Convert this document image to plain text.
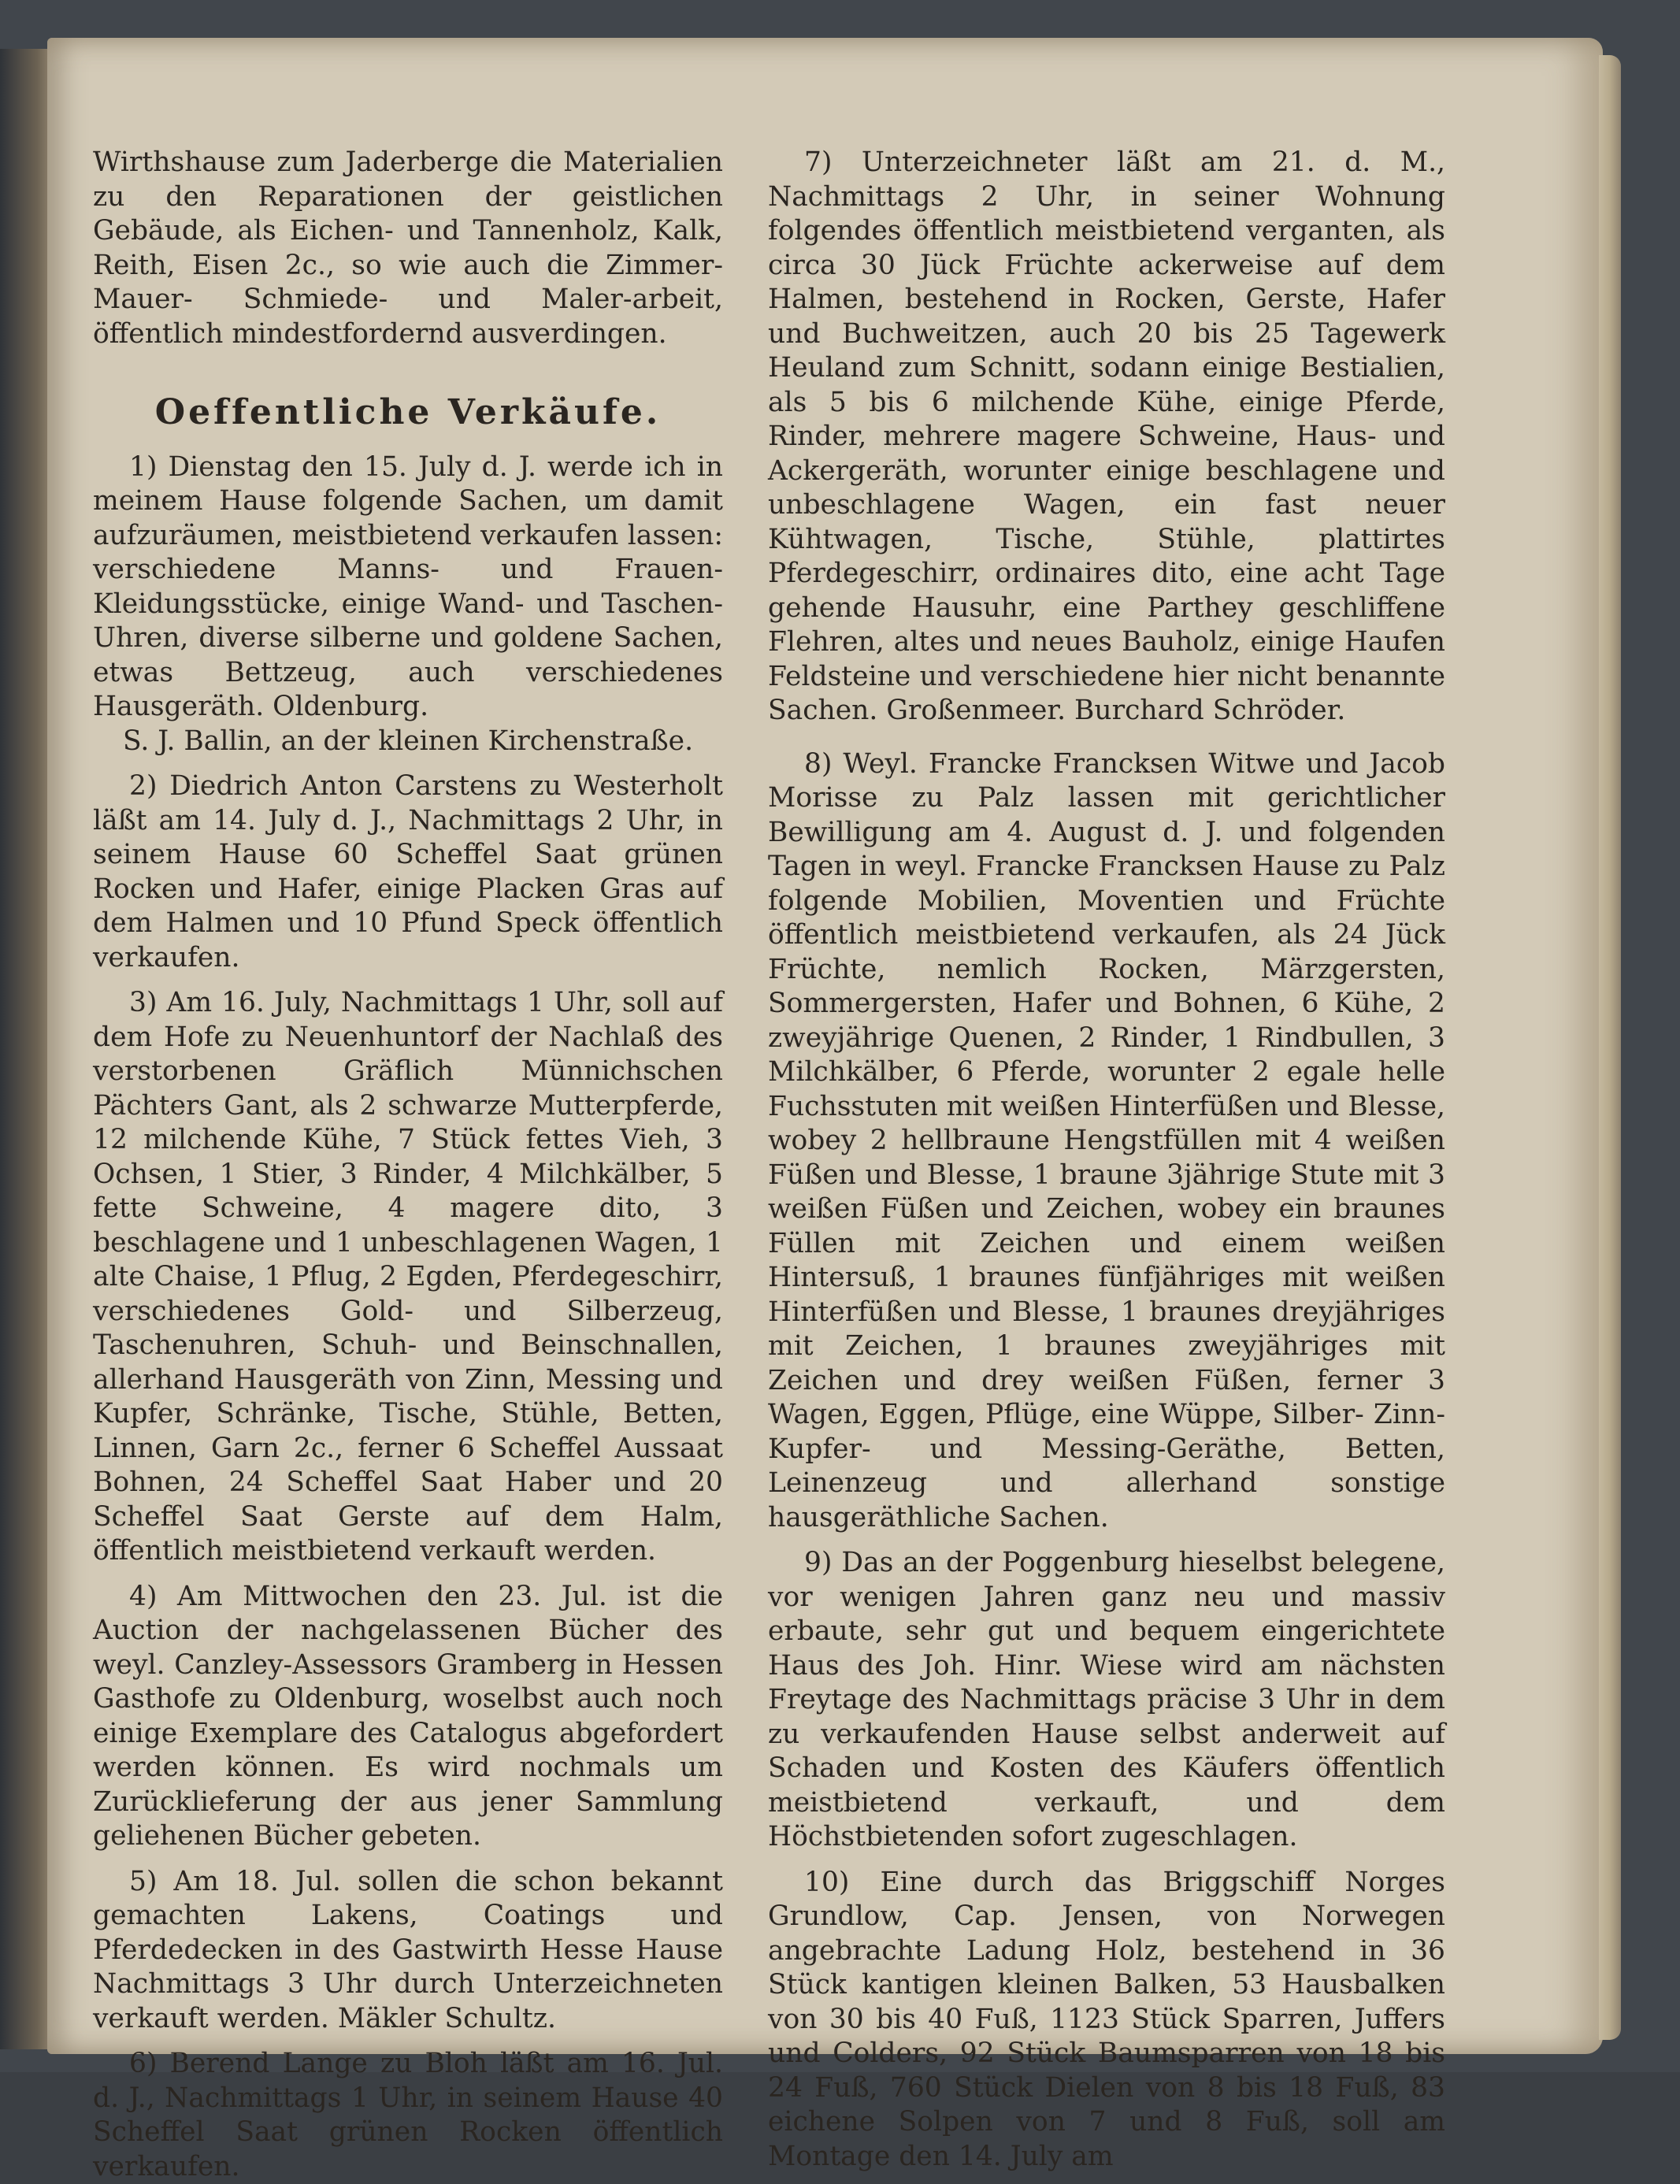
Wirthshause zum Jaderberge die Materialien zu den Reparationen der geistlichen Gebäude, als Eichen- und Tannenholz, Kalk, Reith, Eisen 2c., so wie auch die Zimmer- Mauer- Schmiede- und Maler-arbeit, öffentlich mindestfordernd ausverdingen.

Oeffentliche Verkäufe.

1) Dienstag den 15. July d. J. werde ich in meinem Hause folgende Sachen, um damit aufzuräumen, meistbietend verkaufen lassen: verschiedene Manns- und Frauen-Kleidungsstücke, einige Wand- und Taschen-Uhren, diverse silberne und goldene Sachen, etwas Bettzeug, auch verschiedenes Hausgeräth. Oldenburg.

S. J. Ballin, an der kleinen Kirchenstraße.

2) Diedrich Anton Carstens zu Westerholt läßt am 14. July d. J., Nachmittags 2 Uhr, in seinem Hause 60 Scheffel Saat grünen Rocken und Hafer, einige Placken Gras auf dem Halmen und 10 Pfund Speck öffentlich verkaufen.

3) Am 16. July, Nachmittags 1 Uhr, soll auf dem Hofe zu Neuenhuntorf der Nachlaß des verstorbenen Gräflich Münnichschen Pächters Gant, als 2 schwarze Mutterpferde, 12 milchende Kühe, 7 Stück fettes Vieh, 3 Ochsen, 1 Stier, 3 Rinder, 4 Milchkälber, 5 fette Schweine, 4 magere dito, 3 beschlagene und 1 unbeschlagenen Wagen, 1 alte Chaise, 1 Pflug, 2 Egden, Pferdegeschirr, verschiedenes Gold- und Silberzeug, Taschenuhren, Schuh- und Beinschnallen, allerhand Hausgeräth von Zinn, Messing und Kupfer, Schränke, Tische, Stühle, Betten, Linnen, Garn 2c., ferner 6 Scheffel Aussaat Bohnen, 24 Scheffel Saat Haber und 20 Scheffel Saat Gerste auf dem Halm, öffentlich meistbietend verkauft werden.

4) Am Mittwochen den 23. Jul. ist die Auction der nachgelassenen Bücher des weyl. Canzley-Assessors Gramberg in Hessen Gasthofe zu Oldenburg, woselbst auch noch einige Exemplare des Catalogus abgefordert werden können. Es wird nochmals um Zurücklieferung der aus jener Sammlung geliehenen Bücher gebeten.

5) Am 18. Jul. sollen die schon bekannt gemachten Lakens, Coatings und Pferdedecken in des Gastwirth Hesse Hause Nachmittags 3 Uhr durch Unterzeichneten verkauft werden. Mäkler Schultz.

6) Berend Lange zu Bloh läßt am 16. Jul. d. J., Nachmittags 1 Uhr, in seinem Hause 40 Scheffel Saat grünen Rocken öffentlich verkaufen.

7) Unterzeichneter läßt am 21. d. M., Nachmittags 2 Uhr, in seiner Wohnung folgendes öffentlich meistbietend verganten, als circa 30 Jück Früchte ackerweise auf dem Halmen, bestehend in Rocken, Gerste, Hafer und Buchweitzen, auch 20 bis 25 Tagewerk Heuland zum Schnitt, sodann einige Bestialien, als 5 bis 6 milchende Kühe, einige Pferde, Rinder, mehrere magere Schweine, Haus- und Ackergeräth, worunter einige beschlagene und unbeschlagene Wagen, ein fast neuer Kühtwagen, Tische, Stühle, plattirtes Pferdegeschirr, ordinaires dito, eine acht Tage gehende Hausuhr, eine Parthey geschliffene Flehren, altes und neues Bauholz, einige Haufen Feldsteine und verschiedene hier nicht benannte Sachen. Großenmeer. Burchard Schröder.

8) Weyl. Francke Francksen Witwe und Jacob Morisse zu Palz lassen mit gerichtlicher Bewilligung am 4. August d. J. und folgenden Tagen in weyl. Francke Francksen Hause zu Palz folgende Mobilien, Moventien und Früchte öffentlich meistbietend verkaufen, als 24 Jück Früchte, nemlich Rocken, Märzgersten, Sommergersten, Hafer und Bohnen, 6 Kühe, 2 zweyjährige Quenen, 2 Rinder, 1 Rindbullen, 3 Milchkälber, 6 Pferde, worunter 2 egale helle Fuchsstuten mit weißen Hinterfüßen und Blesse, wobey 2 hellbraune Hengstfüllen mit 4 weißen Füßen und Blesse, 1 braune 3jährige Stute mit 3 weißen Füßen und Zeichen, wobey ein braunes Füllen mit Zeichen und einem weißen Hintersuß, 1 braunes fünfjähriges mit weißen Hinterfüßen und Blesse, 1 braunes dreyjähriges mit Zeichen, 1 braunes zweyjähriges mit Zeichen und drey weißen Füßen, ferner 3 Wagen, Eggen, Pflüge, eine Wüppe, Silber- Zinn- Kupfer- und Messing-Geräthe, Betten, Leinenzeug und allerhand sonstige hausgeräthliche Sachen.

9) Das an der Poggenburg hieselbst belegene, vor wenigen Jahren ganz neu und massiv erbaute, sehr gut und bequem eingerichtete Haus des Joh. Hinr. Wiese wird am nächsten Freytage des Nachmittags präcise 3 Uhr in dem zu verkaufenden Hause selbst anderweit auf Schaden und Kosten des Käufers öffentlich meistbietend verkauft, und dem Höchstbietenden sofort zugeschlagen.

10) Eine durch das Briggschiff Norges Grundlow, Cap. Jensen, von Norwegen angebrachte Ladung Holz, bestehend in 36 Stück kantigen kleinen Balken, 53 Hausbalken von 30 bis 40 Fuß, 1123 Stück Sparren, Juffers und Colders, 92 Stück Baumsparren von 18 bis 24 Fuß, 760 Stück Dielen von 8 bis 18 Fuß, 83 eichene Solpen von 7 und 8 Fuß, soll am Montage den 14. July am
